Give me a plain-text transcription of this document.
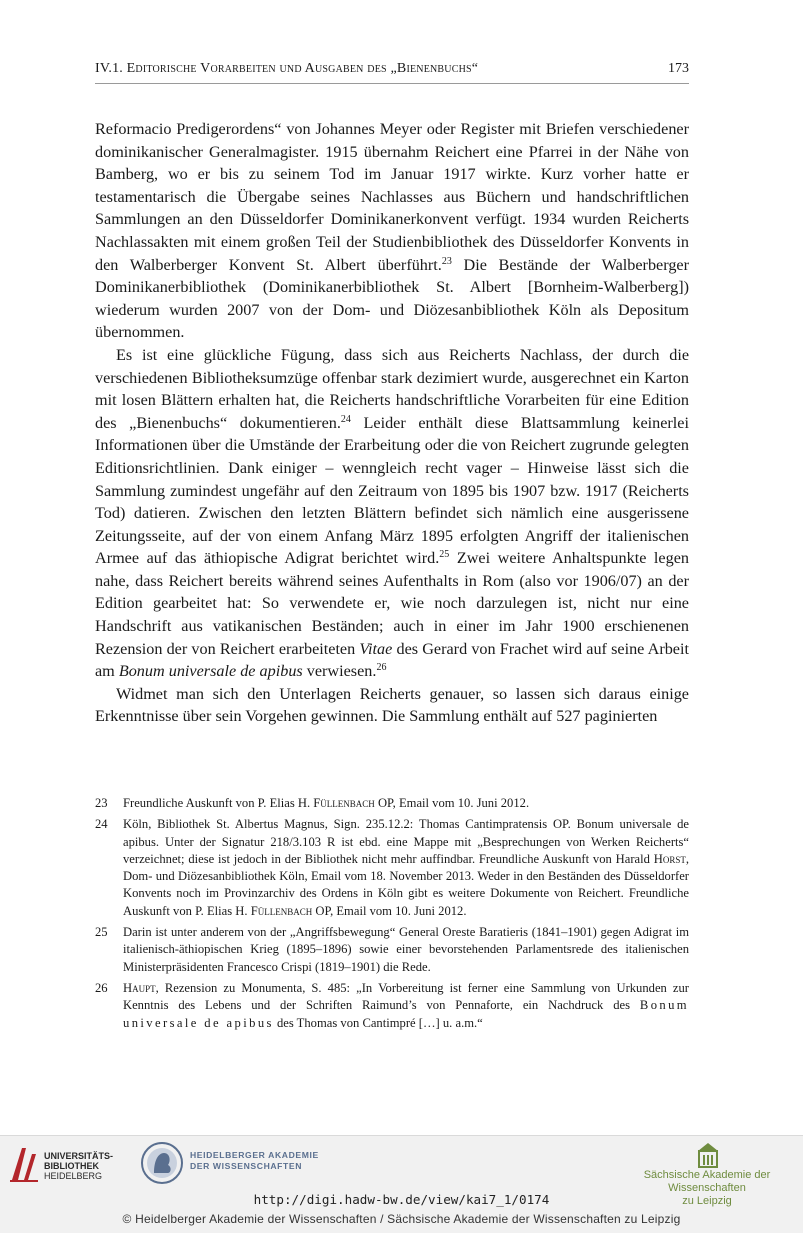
IV.1. Editorische Vorarbeiten und Ausgaben des „Bienenbuchs“	173

Reformacio Predigerordens“ von Johannes Meyer oder Register mit Briefen verschiedener dominikanischer Generalmagister. 1915 übernahm Reichert eine Pfarrei in der Nähe von Bamberg, wo er bis zu seinem Tod im Januar 1917 wirkte. Kurz vorher hatte er testamentarisch die Übergabe seines Nachlasses aus Büchern und handschriftlichen Sammlungen an den Düsseldorfer Dominikanerkonvent verfügt. 1934 wurden Reicherts Nachlassakten mit einem großen Teil der Studienbibliothek des Düsseldorfer Konvents in den Walberberger Konvent St. Albert überführt.$^{23}$ Die Bestände der Walberberger Dominikanerbibliothek (Dominikanerbibliothek St. Albert [Bornheim-Walberberg]) wiederum wurden 2007 von der Dom- und Diözesanbibliothek Köln als Depositum übernommen.

Es ist eine glückliche Fügung, dass sich aus Reicherts Nachlass, der durch die verschiedenen Bibliotheksumzüge offenbar stark dezimiert wurde, ausgerechnet ein Karton mit losen Blättern erhalten hat, die Reicherts handschriftliche Vorarbeiten für eine Edition des „Bienenbuchs“ dokumentieren.$^{24}$ Leider enthält diese Blattsammlung keinerlei Informationen über die Umstände der Erarbeitung oder die von Reichert zugrunde gelegten Editionsrichtlinien. Dank einiger – wenngleich recht vager – Hinweise lässt sich die Sammlung zumindest ungefähr auf den Zeitraum von 1895 bis 1907 bzw. 1917 (Reicherts Tod) datieren. Zwischen den letzten Blättern befindet sich nämlich eine ausgerissene Zeitungsseite, auf der von einem Anfang März 1895 erfolgten Angriff der italienischen Armee auf das äthiopische Adigrat berichtet wird.$^{25}$ Zwei weitere Anhaltspunkte legen nahe, dass Reichert bereits während seines Aufenthalts in Rom (also vor 1906/07) an der Edition gearbeitet hat: So verwendete er, wie noch darzulegen ist, nicht nur eine Handschrift aus vatikanischen Beständen; auch in einer im Jahr 1900 erschienenen Rezension der von Reichert erarbeiteten Vitae des Gerard von Frachet wird auf seine Arbeit am Bonum universale de apibus verwiesen.$^{26}$

Widmet man sich den Unterlagen Reicherts genauer, so lassen sich daraus einige Erkenntnisse über sein Vorgehen gewinnen. Die Sammlung enthält auf 527 paginierten

23	Freundliche Auskunft von P. Elias H. Füllenbach OP, Email vom 10. Juni 2012.
24	Köln, Bibliothek St. Albertus Magnus, Sign. 235.12.2: Thomas Cantimpratensis OP. Bonum universale de apibus. Unter der Signatur 218/3.103 R ist ebd. eine Mappe mit „Besprechungen von Werken Reicherts“ verzeichnet; diese ist jedoch in der Bibliothek nicht mehr auffindbar. Freundliche Auskunft von Harald Horst, Dom- und Diözesanbibliothek Köln, Email vom 18. November 2013. Weder in den Beständen des Düsseldorfer Konvents noch im Provinzarchiv des Ordens in Köln gibt es weitere Dokumente von Reichert. Freundliche Auskunft von P. Elias H. Füllenbach OP, Email vom 10. Juni 2012.
25	Darin ist unter anderem von der „Angriffsbewegung“ General Oreste Baratieris (1841–1901) gegen Adigrat im italienisch-äthiopischen Krieg (1895–1896) sowie einer bevorstehenden Parlamentsrede des italienischen Ministerpräsidenten Francesco Crispi (1819–1901) die Rede.
26	Haupt, Rezension zu Monumenta, S. 485: „In Vorbereitung ist ferner eine Sammlung von Urkunden zur Kenntnis des Lebens und der Schriften Raimund’s von Pennaforte, ein Nachdruck des Bonum universale de apibus des Thomas von Cantimpré […] u. a.m.“
UNIVERSITÄTS-
BIBLIOTHEK
HEIDELBERG
HEIDELBERGER AKADEMIE
DER WISSENSCHAFTEN
Sächsische Akademie der Wissenschaften
zu Leipzig
http://digi.hadw-bw.de/view/kai7_1/0174
© Heidelberger Akademie der Wissenschaften / Sächsische Akademie der Wissenschaften zu Leipzig
